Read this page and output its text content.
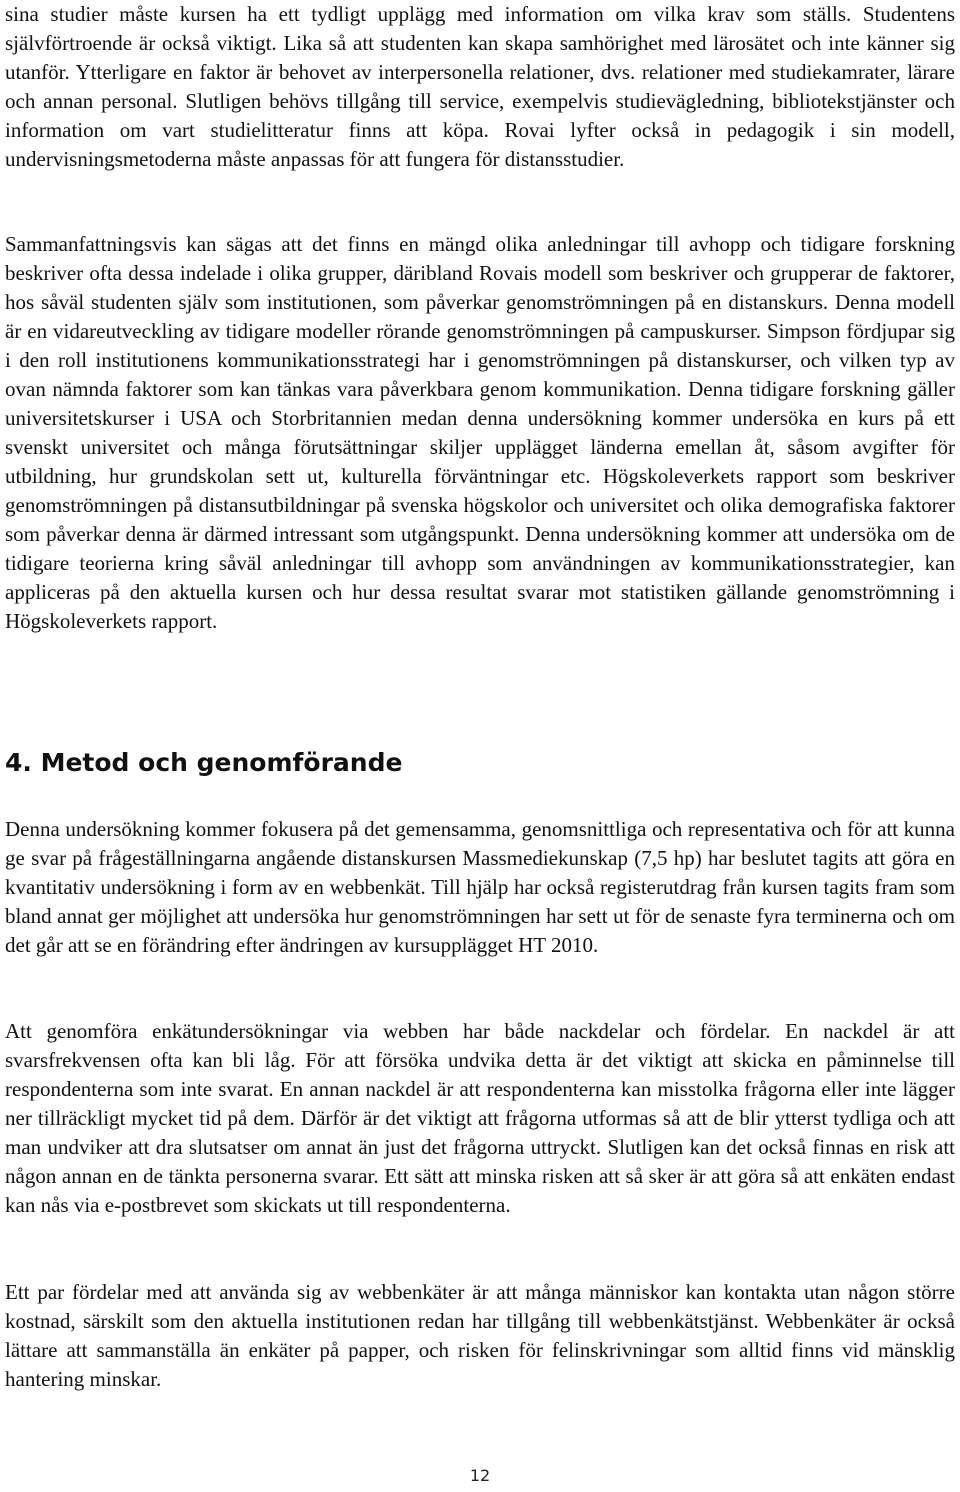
sina studier måste kursen ha ett tydligt upplägg med information om vilka krav som ställs. Studentens självförtroende är också viktigt. Lika så att studenten kan skapa samhörighet med lärosätet och inte känner sig utanför. Ytterligare en faktor är behovet av interpersonella relationer, dvs. relationer med studiekamrater, lärare och annan personal. Slutligen behövs tillgång till service, exempelvis studievägledning, bibliotekstjänster och information om vart studielitteratur finns att köpa. Rovai lyfter också in pedagogik i sin modell, undervisningsmetoderna måste anpassas för att fungera för distansstudier.

Sammanfattningsvis kan sägas att det finns en mängd olika anledningar till avhopp och tidigare forskning beskriver ofta dessa indelade i olika grupper, däribland Rovais modell som beskriver och grupperar de faktorer, hos såväl studenten själv som institutionen, som påverkar genomströmningen på en distanskurs. Denna modell är en vidareutveckling av tidigare modeller rörande genomströmningen på campuskurser. Simpson fördjupar sig i den roll institutionens kommunikationsstrategi har i genomströmningen på distanskurser, och vilken typ av ovan nämnda faktorer som kan tänkas vara påverkbara genom kommunikation. Denna tidigare forskning gäller universitetskurser i USA och Storbritannien medan denna undersökning kommer undersöka en kurs på ett svenskt universitet och många förutsättningar skiljer upplägget länderna emellan åt, såsom avgifter för utbildning, hur grundskolan sett ut, kulturella förväntningar etc. Högskoleverkets rapport som beskriver genomströmningen på distansutbildningar på svenska högskolor och universitet och olika demografiska faktorer som påverkar denna är därmed intressant som utgångspunkt. Denna undersökning kommer att undersöka om de tidigare teorierna kring såväl anledningar till avhopp som användningen av kommunikationsstrategier, kan appliceras på den aktuella kursen och hur dessa resultat svarar mot statistiken gällande genomströmning i Högskoleverkets rapport.

4. Metod och genomförande

Denna undersökning kommer fokusera på det gemensamma, genomsnittliga och representativa och för att kunna ge svar på frågeställningarna angående distanskursen Massmediekunskap (7,5 hp) har beslutet tagits att göra en kvantitativ undersökning i form av en webbenkät. Till hjälp har också registerutdrag från kursen tagits fram som bland annat ger möjlighet att undersöka hur genomströmningen har sett ut för de senaste fyra terminerna och om det går att se en förändring efter ändringen av kursupplägget HT 2010.

Att genomföra enkätundersökningar via webben har både nackdelar och fördelar. En nackdel är att svarsfrekvensen ofta kan bli låg. För att försöka undvika detta är det viktigt att skicka en påminnelse till respondenterna som inte svarat. En annan nackdel är att respondenterna kan misstolka frågorna eller inte lägger ner tillräckligt mycket tid på dem. Därför är det viktigt att frågorna utformas så att de blir ytterst tydliga och att man undviker att dra slutsatser om annat än just det frågorna uttryckt. Slutligen kan det också finnas en risk att någon annan en de tänkta personerna svarar. Ett sätt att minska risken att så sker är att göra så att enkäten endast kan nås via e-postbrevet som skickats ut till respondenterna.

Ett par fördelar med att använda sig av webbenkäter är att många människor kan kontakta utan någon större kostnad, särskilt som den aktuella institutionen redan har tillgång till webbenkätstjänst. Webbenkäter är också lättare att sammanställa än enkäter på papper, och risken för felinskrivningar som alltid finns vid mänsklig hantering minskar.

12
